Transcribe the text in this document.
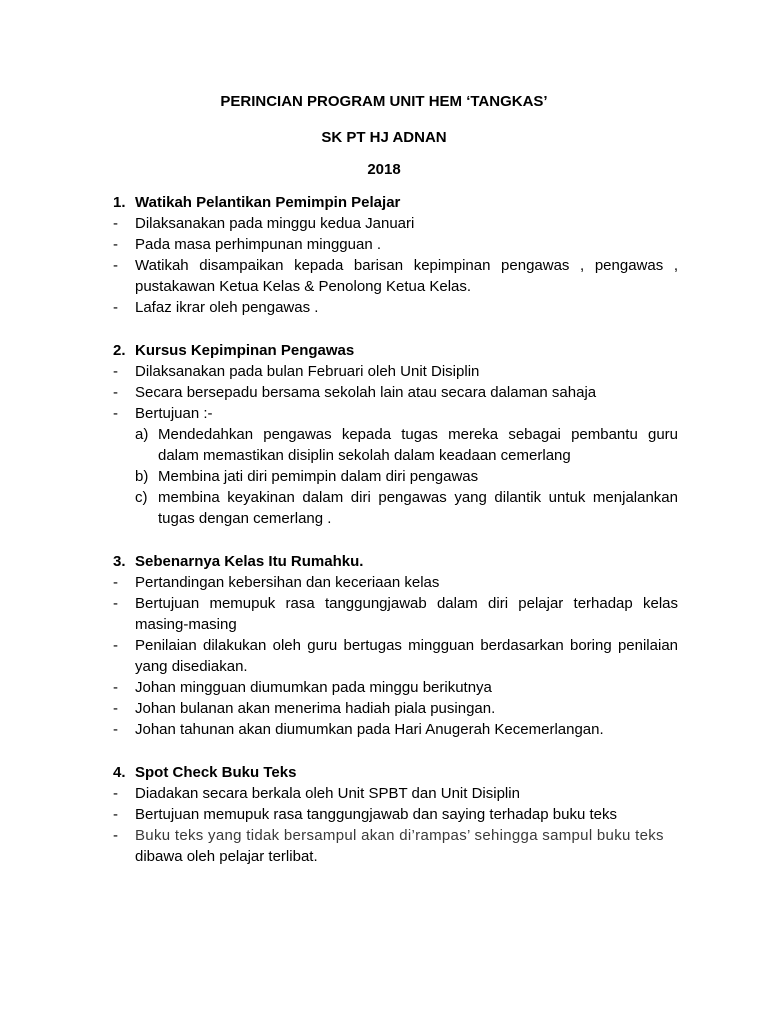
PERINCIAN PROGRAM UNIT HEM ‘TANGKAS’

SK PT HJ ADNAN

2018

1. Watikah Pelantikan Pemimpin Pelajar
-	Dilaksanakan pada minggu kedua Januari
-	Pada masa perhimpunan mingguan .
-	Watikah disampaikan kepada barisan kepimpinan pengawas , pengawas , pustakawan Ketua Kelas & Penolong Ketua Kelas.
-	Lafaz ikrar oleh pengawas .
2. Kursus Kepimpinan Pengawas
-	Dilaksanakan pada bulan Februari oleh Unit Disiplin
-	Secara bersepadu bersama sekolah lain atau secara dalaman sahaja
-	Bertujuan :-
a) Mendedahkan pengawas kepada tugas mereka sebagai pembantu guru dalam memastikan disiplin sekolah dalam keadaan cemerlang
b) Membina jati diri pemimpin dalam diri pengawas
c) membina keyakinan dalam diri pengawas yang dilantik untuk menjalankan tugas dengan cemerlang .
3. Sebenarnya Kelas Itu Rumahku.
-	Pertandingan kebersihan dan keceriaan kelas
-	Bertujuan memupuk rasa tanggungjawab dalam diri pelajar terhadap kelas masing-masing
-	Penilaian dilakukan oleh guru bertugas mingguan berdasarkan boring penilaian yang disediakan.
-	Johan mingguan diumumkan pada minggu berikutnya
-	Johan bulanan akan menerima hadiah piala pusingan.
-	Johan tahunan akan diumumkan pada Hari Anugerah Kecemerlangan.
4. Spot Check Buku Teks
-	Diadakan secara berkala oleh Unit SPBT dan Unit Disiplin
-	Bertujuan memupuk rasa tanggungjawab dan saying terhadap buku teks
-	Buku teks yang tidak bersampul akan di’rampas’ sehingga sampul buku teks
dibawa oleh pelajar terlibat.
